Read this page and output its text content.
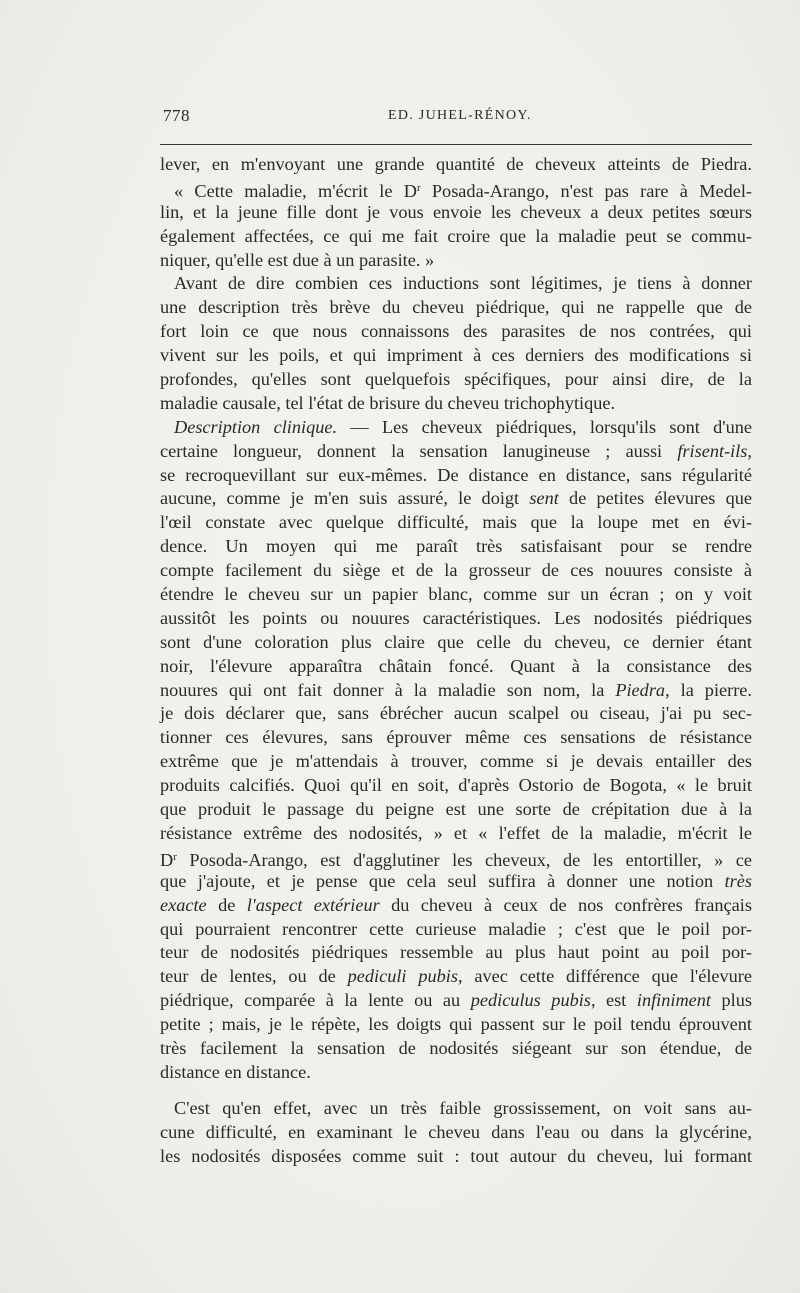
778	ED. JUHEL-RÉNOY.
lever, en m'envoyant une grande quantité de cheveux atteints de Piedra.
« Cette maladie, m'écrit le $D^r$ Posada-Arango, n'est pas rare à Medel-
lin, et la jeune fille dont je vous envoie les cheveux a deux petites sœurs
également affectées, ce qui me fait croire que la maladie peut se commu-
niquer, qu'elle est due à un parasite. »
Avant de dire combien ces inductions sont légitimes, je tiens à donner
une description très brève du cheveu piédrique, qui ne rappelle que de
fort loin ce que nous connaissons des parasites de nos contrées, qui
vivent sur les poils, et qui impriment à ces derniers des modifications si
profondes, qu'elles sont quelquefois spécifiques, pour ainsi dire, de la
maladie causale, tel l'état de brisure du cheveu trichophytique.
Description clinique. — Les cheveux piédriques, lorsqu'ils sont d'une
certaine longueur, donnent la sensation lanugineuse ; aussi frisent-ils,
se recroquevillant sur eux-mêmes. De distance en distance, sans régularité
aucune, comme je m'en suis assuré, le doigt sent de petites élevures que
l'œil constate avec quelque difficulté, mais que la loupe met en évi-
dence. Un moyen qui me paraît très satisfaisant pour se rendre
compte facilement du siège et de la grosseur de ces nouures consiste à
étendre le cheveu sur un papier blanc, comme sur un écran ; on y voit
aussitôt les points ou nouures caractéristiques. Les nodosités piédriques
sont d'une coloration plus claire que celle du cheveu, ce dernier étant
noir, l'élevure apparaîtra châtain foncé. Quant à la consistance des
nouures qui ont fait donner à la maladie son nom, la Piedra, la pierre.
je dois déclarer que, sans ébrécher aucun scalpel ou ciseau, j'ai pu sec-
tionner ces élevures, sans éprouver même ces sensations de résistance
extrême que je m'attendais à trouver, comme si je devais entailler des
produits calcifiés. Quoi qu'il en soit, d'après Ostorio de Bogota, « le bruit
que produit le passage du peigne est une sorte de crépitation due à la
résistance extrême des nodosités, » et « l'effet de la maladie, m'écrit le
$D^r$ Posoda-Arango, est d'agglutiner les cheveux, de les entortiller, » ce
que j'ajoute, et je pense que cela seul suffira à donner une notion très
exacte de l'aspect extérieur du cheveu à ceux de nos confrères français
qui pourraient rencontrer cette curieuse maladie ; c'est que le poil por-
teur de nodosités piédriques ressemble au plus haut point au poil por-
teur de lentes, ou de pediculi pubis, avec cette différence que l'élevure
piédrique, comparée à la lente ou au pediculus pubis, est infiniment plus
petite ; mais, je le répète, les doigts qui passent sur le poil tendu éprouvent
très facilement la sensation de nodosités siégeant sur son étendue, de
distance en distance.
C'est qu'en effet, avec un très faible grossissement, on voit sans au-
cune difficulté, en examinant le cheveu dans l'eau ou dans la glycérine,
les nodosités disposées comme suit : tout autour du cheveu, lui formant
